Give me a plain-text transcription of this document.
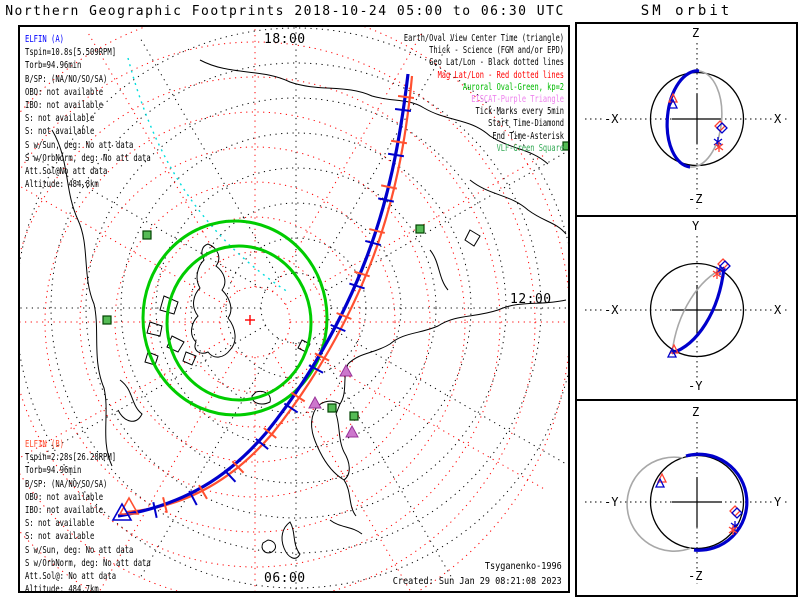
Northern Geographic Footprints 2018-10-24 05:00 to 06:30 UTC
18:00
12:00
06:00
ELFIN (A)
Tspin=10.8s[5.509RPM]
Torb=94.96min
B/SP: (NA/NO/SO/SA)
OBO: not available
IBO: not available
S: not available
S: not available
S w/Sun, deg: No att data
S w/OrbNorm, deg: No att data
Att.Sol@No att data
Altitude: 484.8km
ELFIN (B)
Tspin=2.28s[26.28RPM]
Torb=94.96min
B/SP: (NA/NO/SO/SA)
OBO: not available
IBO: not available
S: not available
S: not available
S w/Sun, deg: No att data
S w/OrbNorm, deg: No att data
Att.Sol@: No att data
Altitude: 484.7km
Earth/Oval View Center Time (triangle)
Thick - Science (FGM and/or EPD)
Geo Lat/Lon - Black dotted lines
Mag Lat/Lon - Red dotted lines
Auroral Oval-Green, kp=2
EISCAT-Purple Triangle
Tick Marks every 5min
Start Time-Diamond
End Time-Asterisk
VLF-Green Square
Tsyganenko-1996
Created: Sun Jan 29 08:21:08 2023
SM orbit
Z
-Z
-X	X
Y
-Y
-X	X
Z
-Z
-Y	Y
